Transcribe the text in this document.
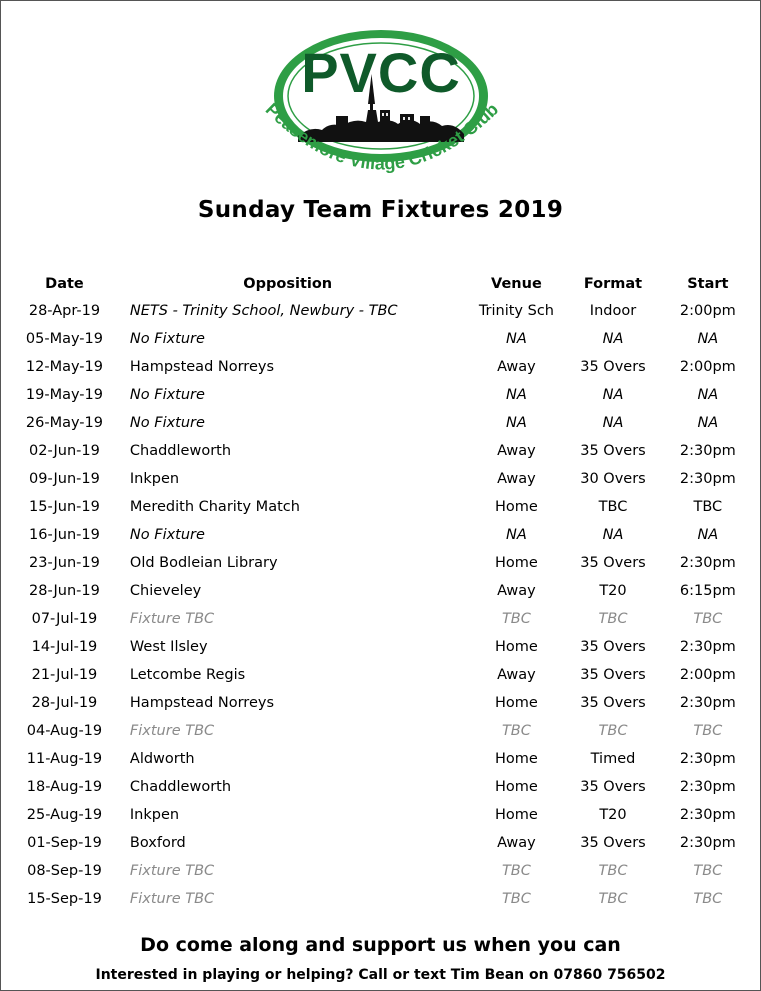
PVCC
Peasemore Village Cricket Club
Sunday Team Fixtures 2019
Date	Opposition	Venue	Format	Start
28-Apr-19	NETS - Trinity School, Newbury - TBC	Trinity Sch	Indoor	2:00pm
05-May-19	No Fixture	NA	NA	NA
12-May-19	Hampstead Norreys	Away	35 Overs	2:00pm
19-May-19	No Fixture	NA	NA	NA
26-May-19	No Fixture	NA	NA	NA
02-Jun-19	Chaddleworth	Away	35 Overs	2:30pm
09-Jun-19	Inkpen	Away	30 Overs	2:30pm
15-Jun-19	Meredith Charity Match	Home	TBC	TBC
16-Jun-19	No Fixture	NA	NA	NA
23-Jun-19	Old Bodleian Library	Home	35 Overs	2:30pm
28-Jun-19	Chieveley	Away	T20	6:15pm
07-Jul-19	Fixture TBC	TBC	TBC	TBC
14-Jul-19	West Ilsley	Home	35 Overs	2:30pm
21-Jul-19	Letcombe Regis	Away	35 Overs	2:00pm
28-Jul-19	Hampstead Norreys	Home	35 Overs	2:30pm
04-Aug-19	Fixture TBC	TBC	TBC	TBC
11-Aug-19	Aldworth	Home	Timed	2:30pm
18-Aug-19	Chaddleworth	Home	35 Overs	2:30pm
25-Aug-19	Inkpen	Home	T20	2:30pm
01-Sep-19	Boxford	Away	35 Overs	2:30pm
08-Sep-19	Fixture TBC	TBC	TBC	TBC
15-Sep-19	Fixture TBC	TBC	TBC	TBC
Do come along and support us when you can
Interested in playing or helping? Call or text Tim Bean on 07860 756502
